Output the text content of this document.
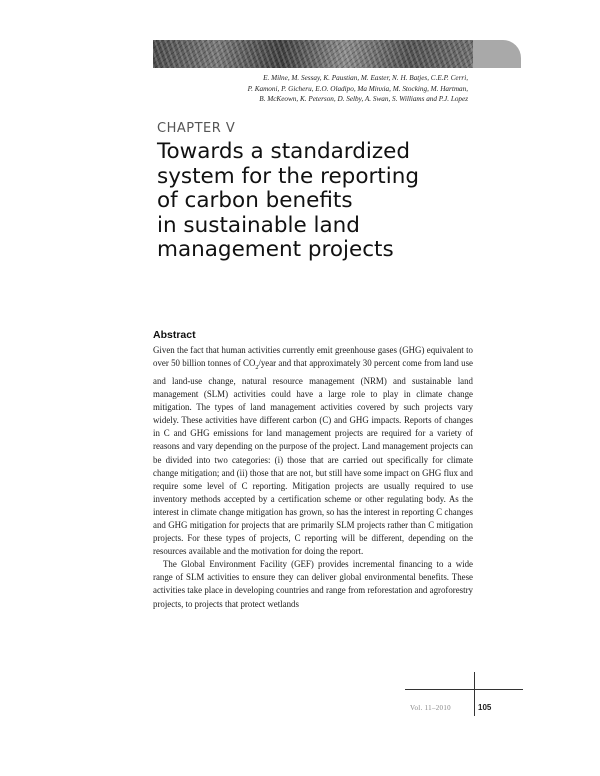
E. Milne, M. Sessay, K. Paustian, M. Easter, N. H. Batjes, C.E.P. Cerri,
P. Kamoni, P. Gicheru, E.O. Oladipo, Ma Minxia, M. Stocking, M. Hartman,
B. McKeown, K. Peterson, D. Selby, A. Swan, S. Williams and P.J. Lopez
CHAPTER V
Towards a standardized
system for the reporting
of carbon benefits
in sustainable land
management projects
Abstract

Given the fact that human activities currently emit greenhouse gases (GHG) equivalent to over 50 billion tonnes of $CO_2$/year and that approximately 30 percent come from land use and land-use change, natural resource management (NRM) and sustainable land management (SLM) activities could have a large role to play in climate change mitigation. The types of land management activities covered by such projects vary widely. These activities have different carbon (C) and GHG impacts. Reports of changes in C and GHG emissions for land management projects are required for a variety of reasons and vary depending on the purpose of the project. Land management projects can be divided into two categories: (i) those that are carried out specifically for climate change mitigation; and (ii) those that are not, but still have some impact on GHG flux and require some level of C reporting. Mitigation projects are usually required to use inventory methods accepted by a certification scheme or other regulating body. As the interest in climate change mitigation has grown, so has the interest in reporting C changes and GHG mitigation for projects that are primarily SLM projects rather than C mitigation projects. For these types of projects, C reporting will be different, depending on the resources available and the motivation for doing the report.

The Global Environment Facility (GEF) provides incremental financing to a wide range of SLM activities to ensure they can deliver global environmental benefits. These activities take place in developing countries and range from reforestation and agroforestry projects, to projects that protect wetlands

Vol. 11–2010	105
